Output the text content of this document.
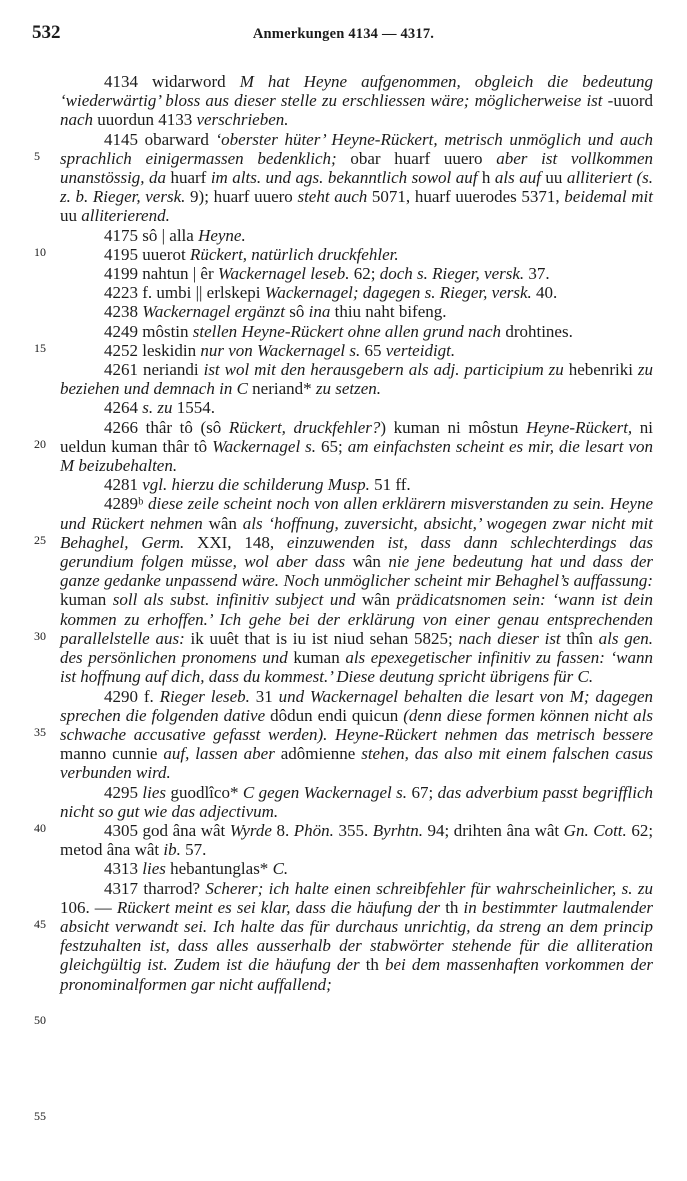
532	Anmerkungen 4134 — 4317.
5
10
15
20
25
30
35
40
45
50
55

4134 widarword M hat Heyne aufgenommen, obgleich die bedeutung ‘wiederwärtig’ bloss aus dieser stelle zu erschliessen wäre; möglicherweise ist -uuord nach uuordun 4133 verschrieben.

4145 obarward ‘oberster hüter’ Heyne-Rückert, metrisch unmöglich und auch sprachlich einigermassen bedenklich; obar huarf uuero aber ist vollkommen unanstössig, da huarf im alts. und ags. bekanntlich sowol auf h als auf uu alliteriert (s. z. b. Rieger, versk. 9); huarf uuero steht auch 5071, huarf uuerodes 5371, beidemal mit uu alliterierend.

4175 sô | alla Heyne.

4195 uuerot Rückert, natürlich druckfehler.

4199 nahtun | êr Wackernagel leseb. 62; doch s. Rieger, versk. 37.

4223 f. umbi || erlskepi Wackernagel; dagegen s. Rieger, versk. 40.

4238 Wackernagel ergänzt sô ina thiu naht bifeng.

4249 môstin stellen Heyne-Rückert ohne allen grund nach drohtines.

4252 leskidin nur von Wackernagel s. 65 verteidigt.

4261 neriandi ist wol mit den herausgebern als adj. participium zu hebenriki zu beziehen und demnach in C neriand* zu setzen.

4264 s. zu 1554.

4266 thâr tô (sô Rückert, druckfehler?) kuman ni môstun Heyne-Rückert, ni ueldun kuman thâr tô Wackernagel s. 65; am einfachsten scheint es mir, die lesart von M beizubehalten.

4281 vgl. hierzu die schilderung Musp. 51 ff.

4289ᵇ diese zeile scheint noch von allen erklärern misverstanden zu sein. Heyne und Rückert nehmen wân als ‘hoffnung, zuversicht, absicht,’ wogegen zwar nicht mit Behaghel, Germ. XXI, 148, einzuwenden ist, dass dann schlechterdings das gerundium folgen müsse, wol aber dass wân nie jene bedeutung hat und dass der ganze gedanke unpassend wäre. Noch unmöglicher scheint mir Behaghel’s auffassung: kuman soll als subst. infinitiv subject und wân prädicatsnomen sein: ‘wann ist dein kommen zu erhoffen.’ Ich gehe bei der erklärung von einer genau entsprechenden parallelstelle aus: ik uuêt that is iu ist niud sehan 5825; nach dieser ist thîn als gen. des persönlichen pronomens und kuman als epexegetischer infinitiv zu fassen: ‘wann ist hoffnung auf dich, dass du kommest.’ Diese deutung spricht übrigens für C.

4290 f. Rieger leseb. 31 und Wackernagel behalten die lesart von M; dagegen sprechen die folgenden dative dôdun endi quicun (denn diese formen können nicht als schwache accusative gefasst werden). Heyne-Rückert nehmen das metrisch bessere manno cunnie auf, lassen aber adômienne stehen, das also mit einem falschen casus verbunden wird.

4295 lies guodlîco* C gegen Wackernagel s. 67; das adverbium passt begrifflich nicht so gut wie das adjectivum.

4305 god âna wât Wyrde 8. Phön. 355. Byrhtn. 94; drihten âna wât Gn. Cott. 62; metod âna wât ib. 57.

4313 lies hebantunglas* C.

4317 tharrod? Scherer; ich halte einen schreibfehler für wahrscheinlicher, s. zu 106. — Rückert meint es sei klar, dass die häufung der th in bestimmter lautmalender absicht verwandt sei. Ich halte das für durchaus unrichtig, da streng an dem princip festzuhalten ist, dass alles ausserhalb der stabwörter stehende für die alliteration gleichgültig ist. Zudem ist die häufung der th bei dem massenhaften vorkommen der pronominalformen gar nicht auffallend;
